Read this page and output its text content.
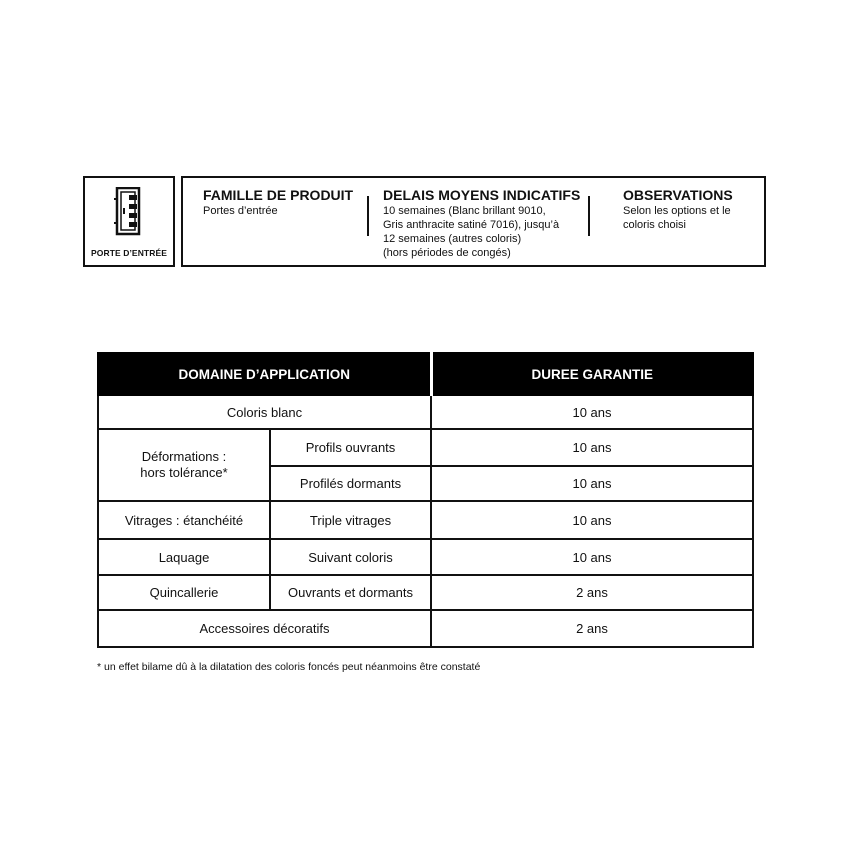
PORTE D’ENTRÉE
FAMILLE DE PRODUIT

Portes d’entrée

DELAIS MOYENS INDICATIFS

10 semaines (Blanc brillant 9010,
Gris anthracite satiné 7016), jusqu’à
12 semaines (autres coloris)
(hors périodes de congés)

OBSERVATIONS

Selon les options et le
coloris choisi

DOMAINE D’APPLICATION		DUREE GARANTIE
Coloris blanc		10 ans
Déformations :
hors tolérance*	Profils ouvrants	10 ans
	Profilés dormants	10 ans
Vitrages : étanchéité	Triple vitrages	10 ans
Laquage	Suivant coloris	10 ans
Quincallerie	Ouvrants et dormants	2 ans
Accessoires décoratifs		2 ans
* un effet bilame dû à la dilatation des coloris foncés peut néanmoins être constaté
